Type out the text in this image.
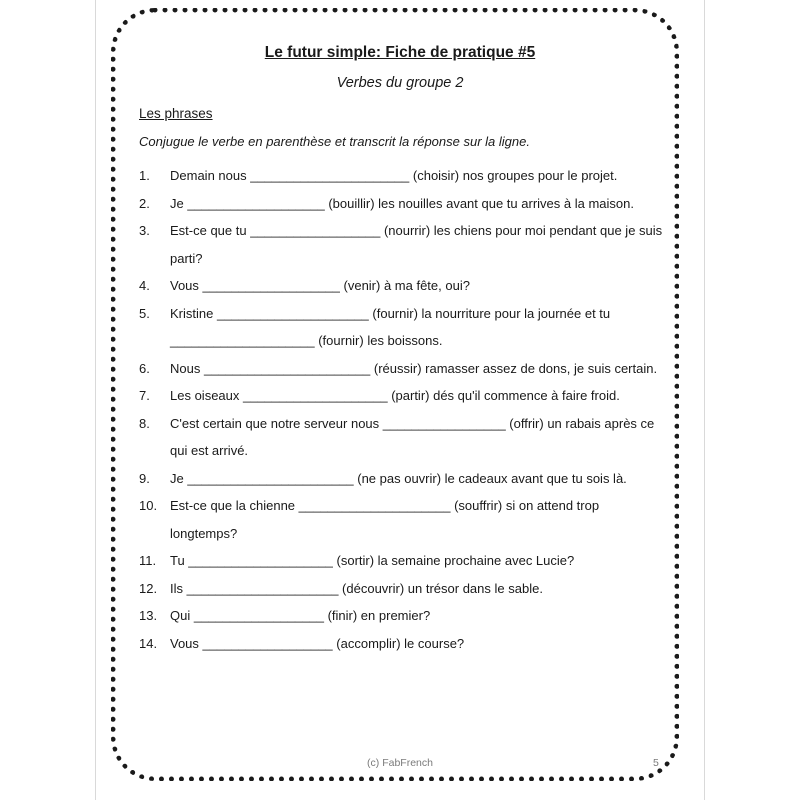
Le futur simple: Fiche de pratique #5
Verbes du groupe 2
Les phrases
Conjugue le verbe en parenthèse et transcrit la réponse sur la ligne.
1. Demain nous ______________________ (choisir) nos groupes pour le projet.
2. Je ___________________ (bouillir) les nouilles avant que tu arrives à la maison.
3. Est-ce que tu __________________ (nourrir) les chiens pour moi pendant que je suis parti?
4. Vous ___________________ (venir) à ma fête, oui?
5. Kristine _____________________ (fournir) la nourriture pour la journée et tu ____________________ (fournir) les boissons.
6. Nous _______________________ (réussir) ramasser assez de dons, je suis certain.
7. Les oiseaux ____________________ (partir) dés qu'il commence à faire froid.
8. C'est certain que notre serveur nous _________________ (offrir) un rabais après ce qui est arrivé.
9. Je _______________________ (ne pas ouvrir) le cadeaux avant que tu sois là.
10. Est-ce que la chienne _____________________ (souffrir) si on attend trop longtemps?
11. Tu ____________________ (sortir) la semaine prochaine avec Lucie?
12. Ils _____________________ (découvrir) un trésor dans le sable.
13. Qui __________________ (finir) en premier?
14. Vous __________________ (accomplir) le course?
(c) FabFrench	5
